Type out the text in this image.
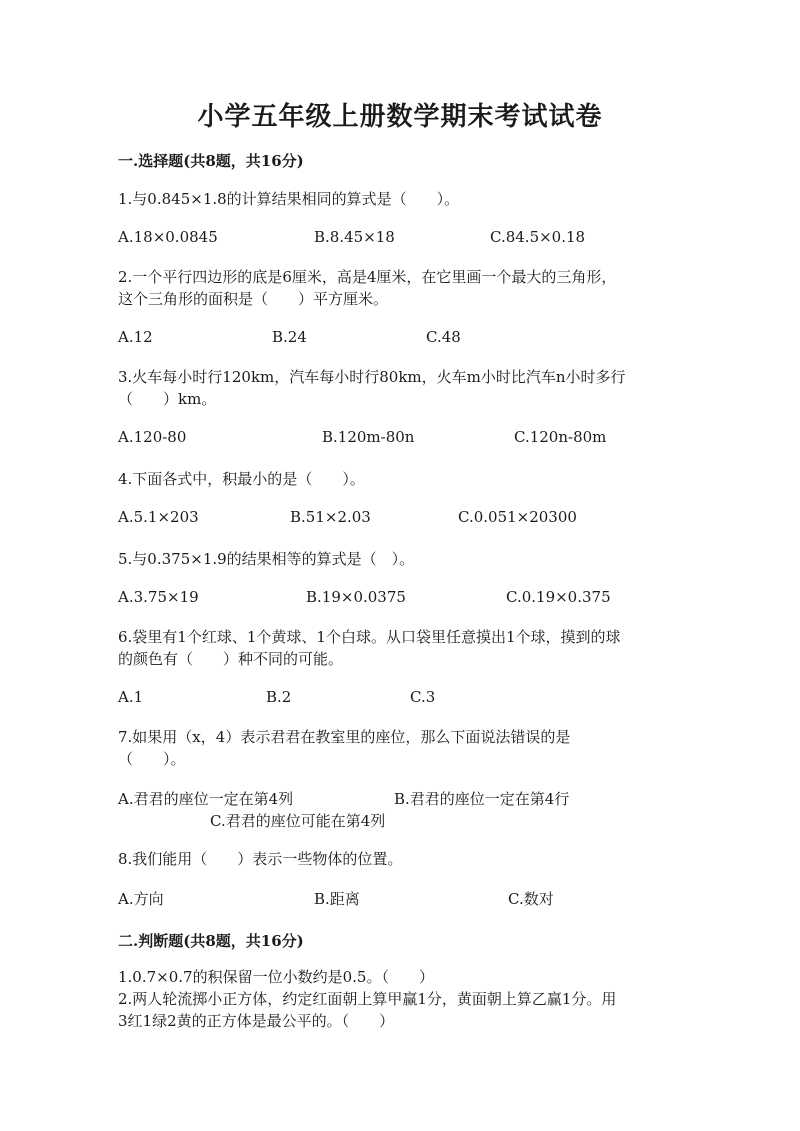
小学五年级上册数学期末考试试卷
一.选择题(共8题，共16分)
1.与0.845×1.8的计算结果相同的算式是（　　）。
A.18×0.0845	B.8.45×18	C.84.5×0.18
2.一个平行四边形的底是6厘米，高是4厘米，在它里画一个最大的三角形，
这个三角形的面积是（　　）平方厘米。
A.12	B.24	C.48
3.火车每小时行120km，汽车每小时行80km，火车m小时比汽车n小时多行
（　　）km。
A.120-80	B.120m-80n	C.120n-80m
4.下面各式中，积最小的是（　　）。
A.5.1×203	B.51×2.03	C.0.051×20300
5.与0.375×1.9的结果相等的算式是（　）。
A.3.75×19	B.19×0.0375	C.0.19×0.375
6.袋里有1个红球、1个黄球、1个白球。从口袋里任意摸出1个球，摸到的球
的颜色有（　　）种不同的可能。
A.1	B.2	C.3
7.如果用（x，4）表示君君在教室里的座位，那么下面说法错误的是
（　　）。
A.君君的座位一定在第4列	B.君君的座位一定在第4行
C.君君的座位可能在第4列
8.我们能用（　　）表示一些物体的位置。
A.方向	B.距离	C.数对
二.判断题(共8题，共16分)
1.0.7×0.7的积保留一位小数约是0.5。（　　）
2.两人轮流掷小正方体，约定红面朝上算甲赢1分，黄面朝上算乙赢1分。用
3红1绿2黄的正方体是最公平的。（　　）
